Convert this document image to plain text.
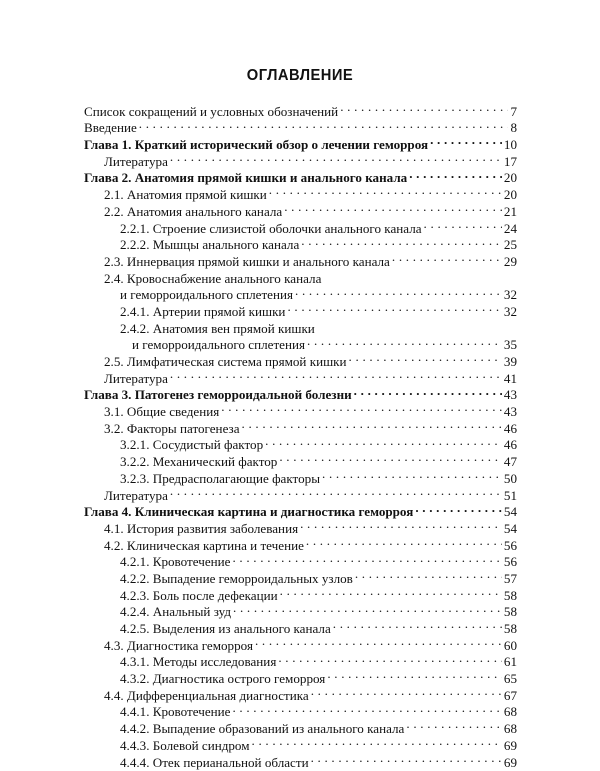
ОГЛАВЛЕНИЕ
Список сокращений и условных обозначений . . .	7
Введение . . .	8
Глава 1. Краткий исторический обзор о лечении геморроя . . .	10
Литература . . .	17
Глава 2. Анатомия прямой кишки и анального канала . . .	20
2.1. Анатомия прямой кишки . . .	20
2.2. Анатомия анального канала . . .	21
2.2.1. Строение слизистой оболочки анального канала . . .	24
2.2.2. Мышцы анального канала . . .	25
2.3. Иннервация прямой кишки и анального канала . . .	29
2.4. Кровоснабжение анального канала
и геморроидального сплетения . . .	32
2.4.1. Артерии прямой кишки . . .	32
2.4.2. Анатомия вен прямой кишки
и геморроидального сплетения . . .	35
2.5. Лимфатическая система прямой кишки . . .	39
Литература . . .	41
Глава 3. Патогенез геморроидальной болезни . . .	43
3.1. Общие сведения . . .	43
3.2. Факторы патогенеза . . .	46
3.2.1. Сосудистый фактор . . .	46
3.2.2. Механический фактор . . .	47
3.2.3. Предрасполагающие факторы . . .	50
Литература . . .	51
Глава 4. Клиническая картина и диагностика геморроя . . .	54
4.1. История развития заболевания . . .	54
4.2. Клиническая картина и течение . . .	56
4.2.1. Кровотечение . . .	56
4.2.2. Выпадение геморроидальных узлов . . .	57
4.2.3. Боль после дефекации . . .	58
4.2.4. Анальный зуд . . .	58
4.2.5. Выделения из анального канала . . .	58
4.3. Диагностика геморроя . . .	60
4.3.1. Методы исследования . . .	61
4.3.2. Диагностика острого геморроя . . .	65
4.4. Дифференциальная диагностика . . .	67
4.4.1. Кровотечение . . .	68
4.4.2. Выпадение образований из анального канала . . .	68
4.4.3. Болевой синдром . . .	69
4.4.4. Отек перианальной области . . .	69
